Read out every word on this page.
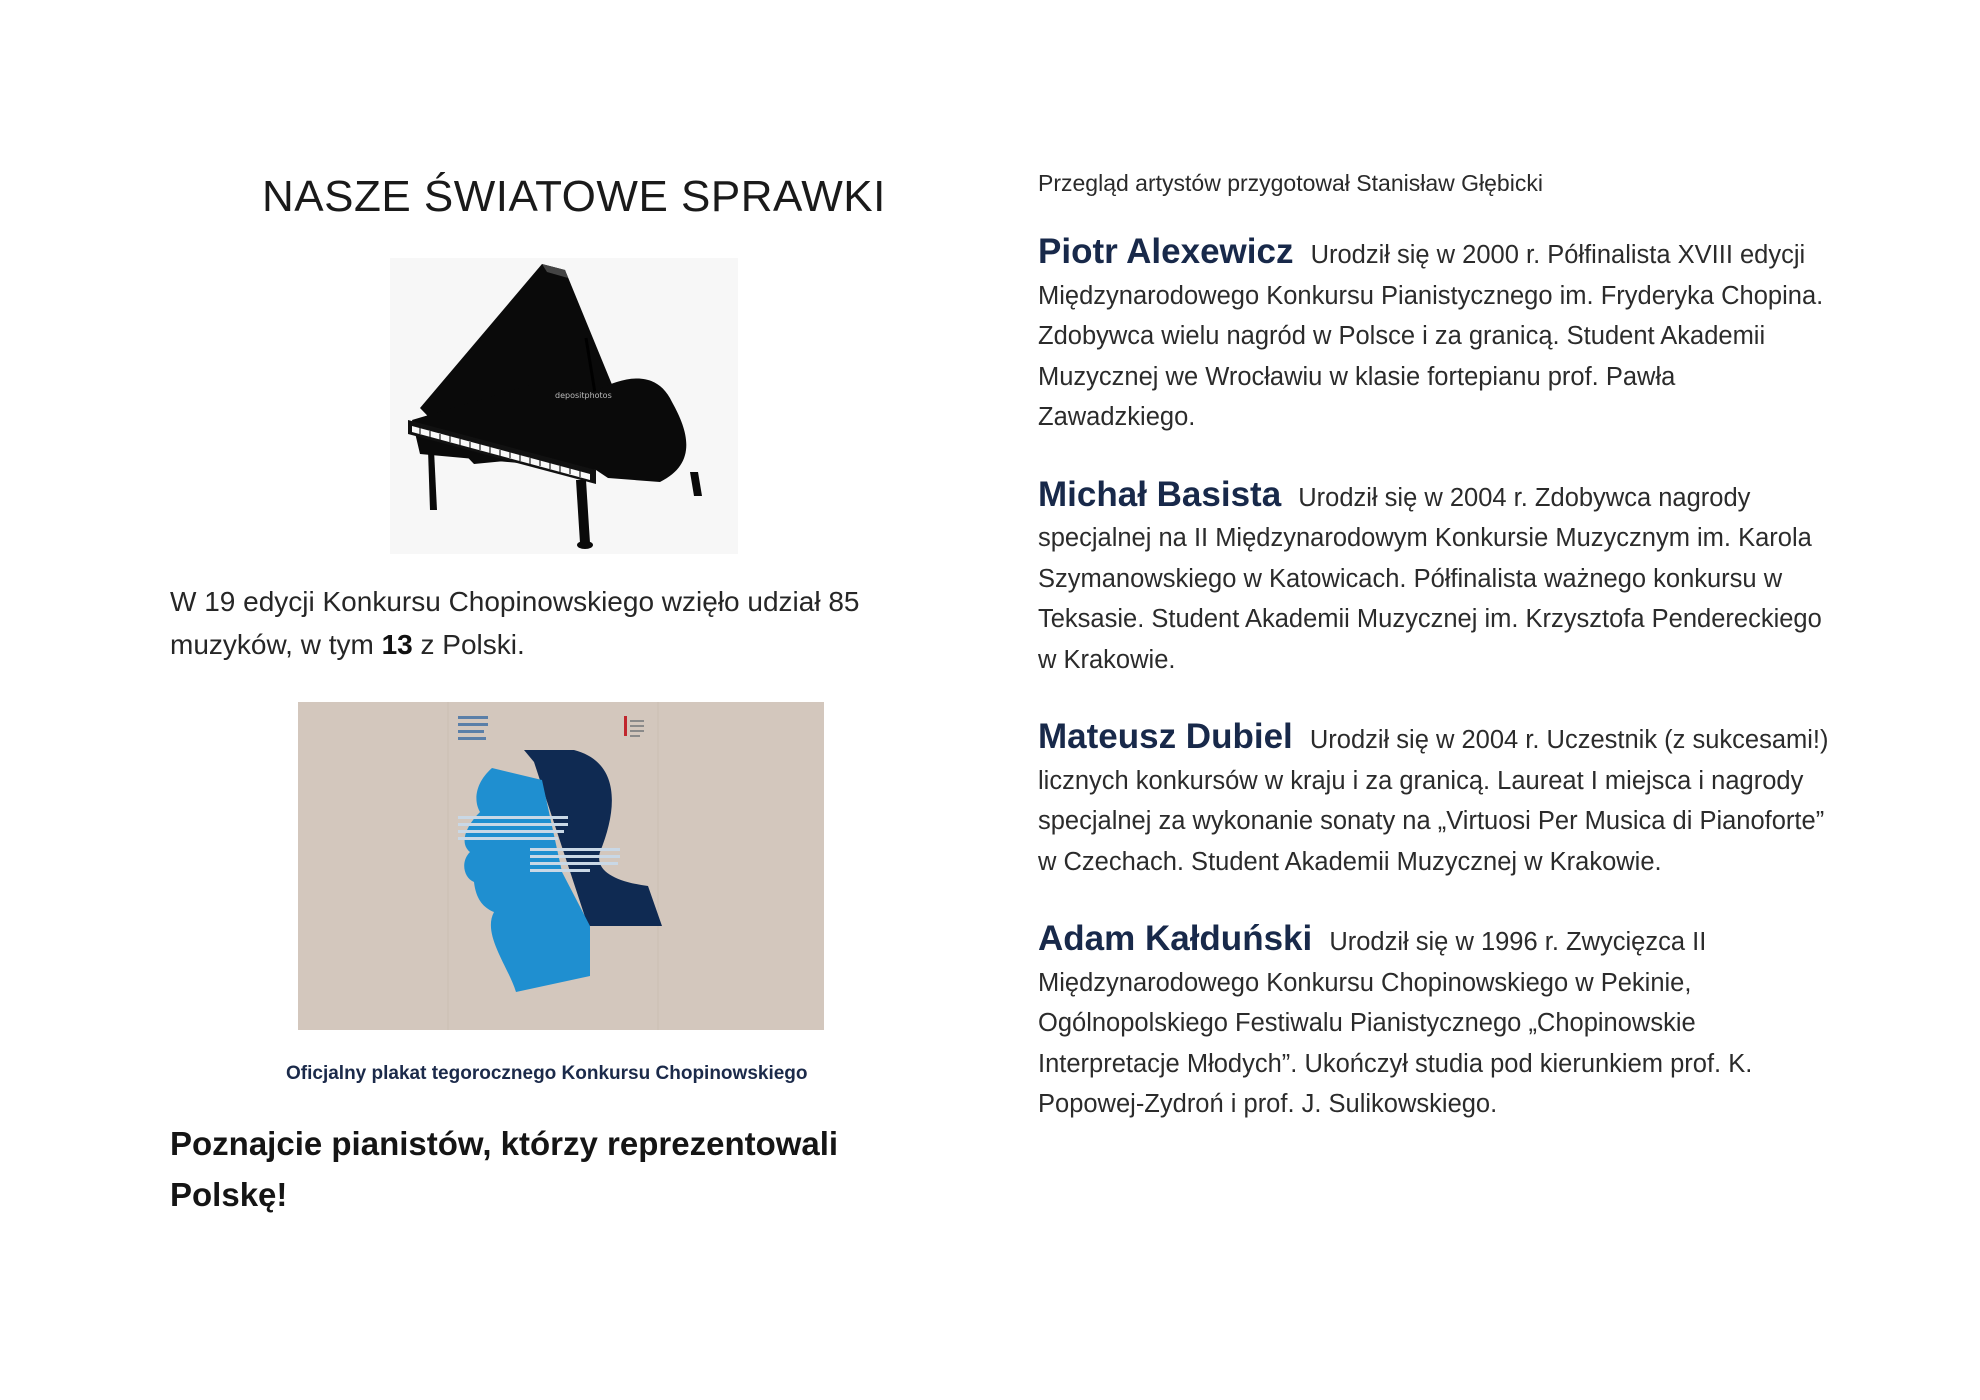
NASZE ŚWIATOWE SPRAWKI
depositphotos
W 19 edycji Konkursu Chopinowskiego wzięło udział 85 muzyków, w tym 13 z Polski.
Oficjalny plakat tegorocznego Konkursu Chopinowskiego
Poznajcie pianistów, którzy reprezentowali Polskę!
Przegląd artystów przygotował Stanisław Głębicki
Piotr Alexewicz Urodził się w 2000 r. Półfinalista XVIII edycji Międzynarodowego Konkursu Pianistycznego im. Fryderyka Chopina. Zdobywca wielu nagród w Polsce i za granicą. Student Akademii Muzycznej we Wrocławiu w klasie fortepianu prof. Pawła Zawadzkiego.
Michał Basista Urodził się w 2004 r. Zdobywca nagrody specjalnej na II Międzynarodowym Konkursie Muzycznym im. Karola Szymanowskiego w Katowicach. Półfinalista ważnego konkursu w Teksasie. Student Akademii Muzycznej im. Krzysztofa Pendereckiego w Krakowie.
Mateusz Dubiel Urodził się w 2004 r. Uczestnik (z sukcesami!) licznych konkursów w kraju i za granicą. Laureat I miejsca i nagrody specjalnej za wykonanie sonaty na „Virtuosi Per Musica di Pianoforte” w Czechach. Student Akademii Muzycznej w Krakowie.
Adam Kałduński Urodził się w 1996 r. Zwycięzca II Międzynarodowego Konkursu Chopinowskiego w Pekinie, Ogólnopolskiego Festiwalu Pianistycznego „Chopinowskie Interpretacje Młodych”. Ukończył studia pod kierunkiem prof. K. Popowej-Zydroń i prof. J. Sulikowskiego.
